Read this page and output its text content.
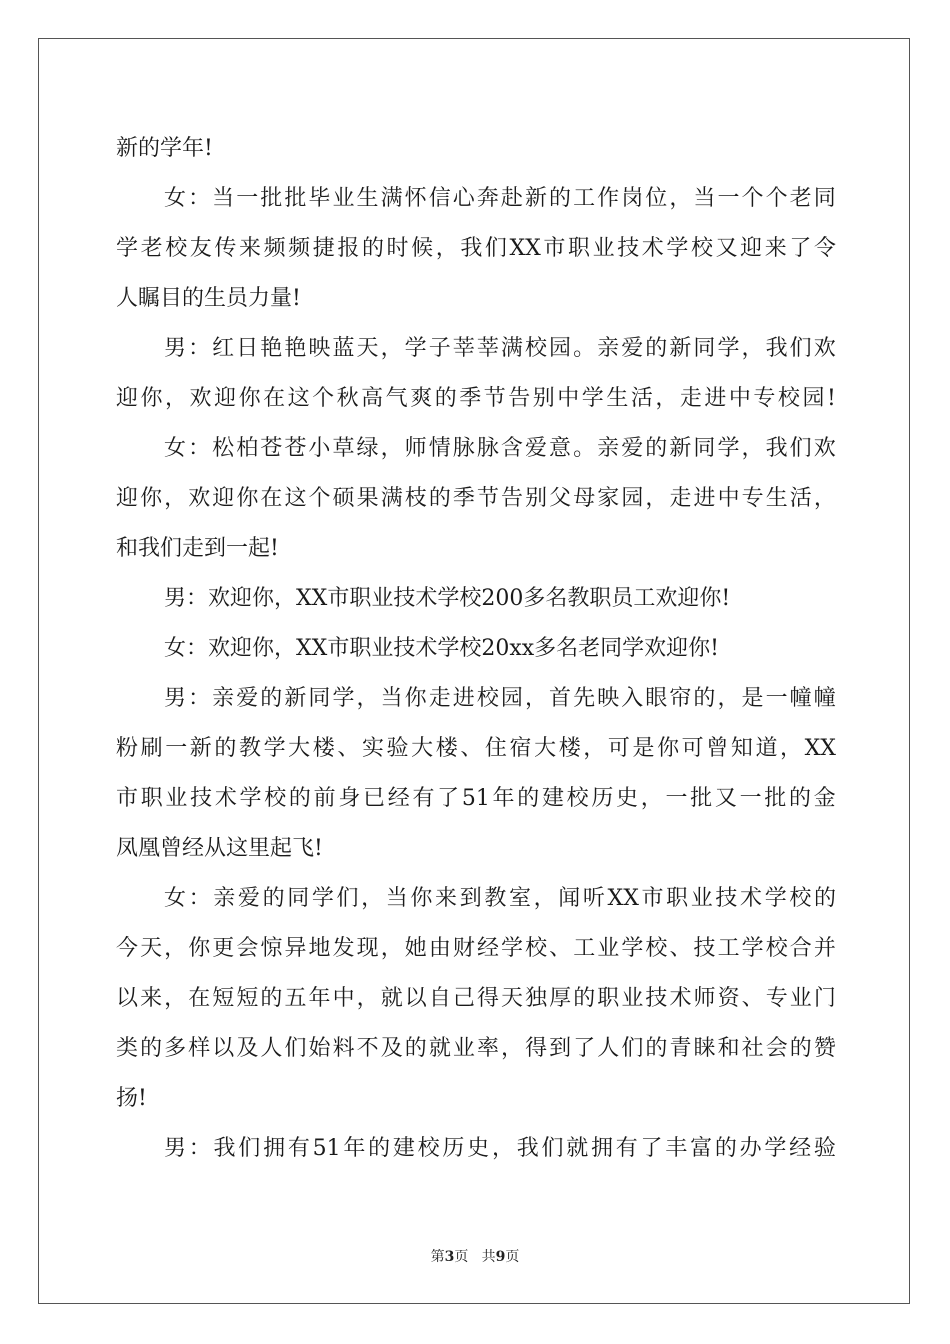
新的学年!
女 ： 当 一 批 批 毕 业 生 满 怀 信 心 奔 赴 新 的 工 作 岗 位 ， 当 一 个 个 老 同
学 老 校 友 传 来 频 频 捷 报 的 时 候 ， 我 们 XX 市 职 业 技 术 学 校 又 迎 来 了 令
人瞩目的生员力量!
男 ： 红 日 艳 艳 映 蓝 天 ， 学 子 莘 莘 满 校 园 。 亲 爱 的 新 同 学 ， 我 们 欢
迎 你 ， 欢 迎 你 在 这 个 秋 高 气 爽 的 季 节 告 别 中 学 生 活 ， 走 进 中 专 校 园 !
女 ： 松 柏 苍 苍 小 草 绿 ， 师 情 脉 脉 含 爱 意 。 亲 爱 的 新 同 学 ， 我 们 欢
迎 你 ， 欢 迎 你 在 这 个 硕 果 满 枝 的 季 节 告 别 父 母 家 园 ， 走 进 中 专 生 活 ，
和我们走到一起!
男：欢迎你，XX市职业技术学校200多名教职员工欢迎你!
女：欢迎你，XX市职业技术学校20xx多名老同学欢迎你!
男 ： 亲 爱 的 新 同 学 ， 当 你 走 进 校 园 ， 首 先 映 入 眼 帘 的 ， 是 一 幢 幢
粉 刷 一 新 的 教 学 大 楼 、 实 验 大 楼 、 住 宿 大 楼 ， 可 是 你 可 曾 知 道 ， XX
市 职 业 技 术 学 校 的 前 身 已 经 有 了 51 年 的 建 校 历 史 ， 一 批 又 一 批 的 金
凤凰曾经从这里起飞!
女 ： 亲 爱 的 同 学 们 ， 当 你 来 到 教 室 ， 闻 听 XX 市 职 业 技 术 学 校 的
今 天 ， 你 更 会 惊 异 地 发 现 ， 她 由 财 经 学 校 、 工 业 学 校 、 技 工 学 校 合 并
以 来 ， 在 短 短 的 五 年 中 ， 就 以 自 己 得 天 独 厚 的 职 业 技 术 师 资 、 专 业 门
类 的 多 样 以 及 人 们 始 料 不 及 的 就 业 率 ， 得 到 了 人 们 的 青 睐 和 社 会 的 赞
扬!
男 ： 我 们 拥 有 51 年 的 建 校 历 史 ， 我 们 就 拥 有 了 丰 富 的 办 学 经 验
第3页 共9页
